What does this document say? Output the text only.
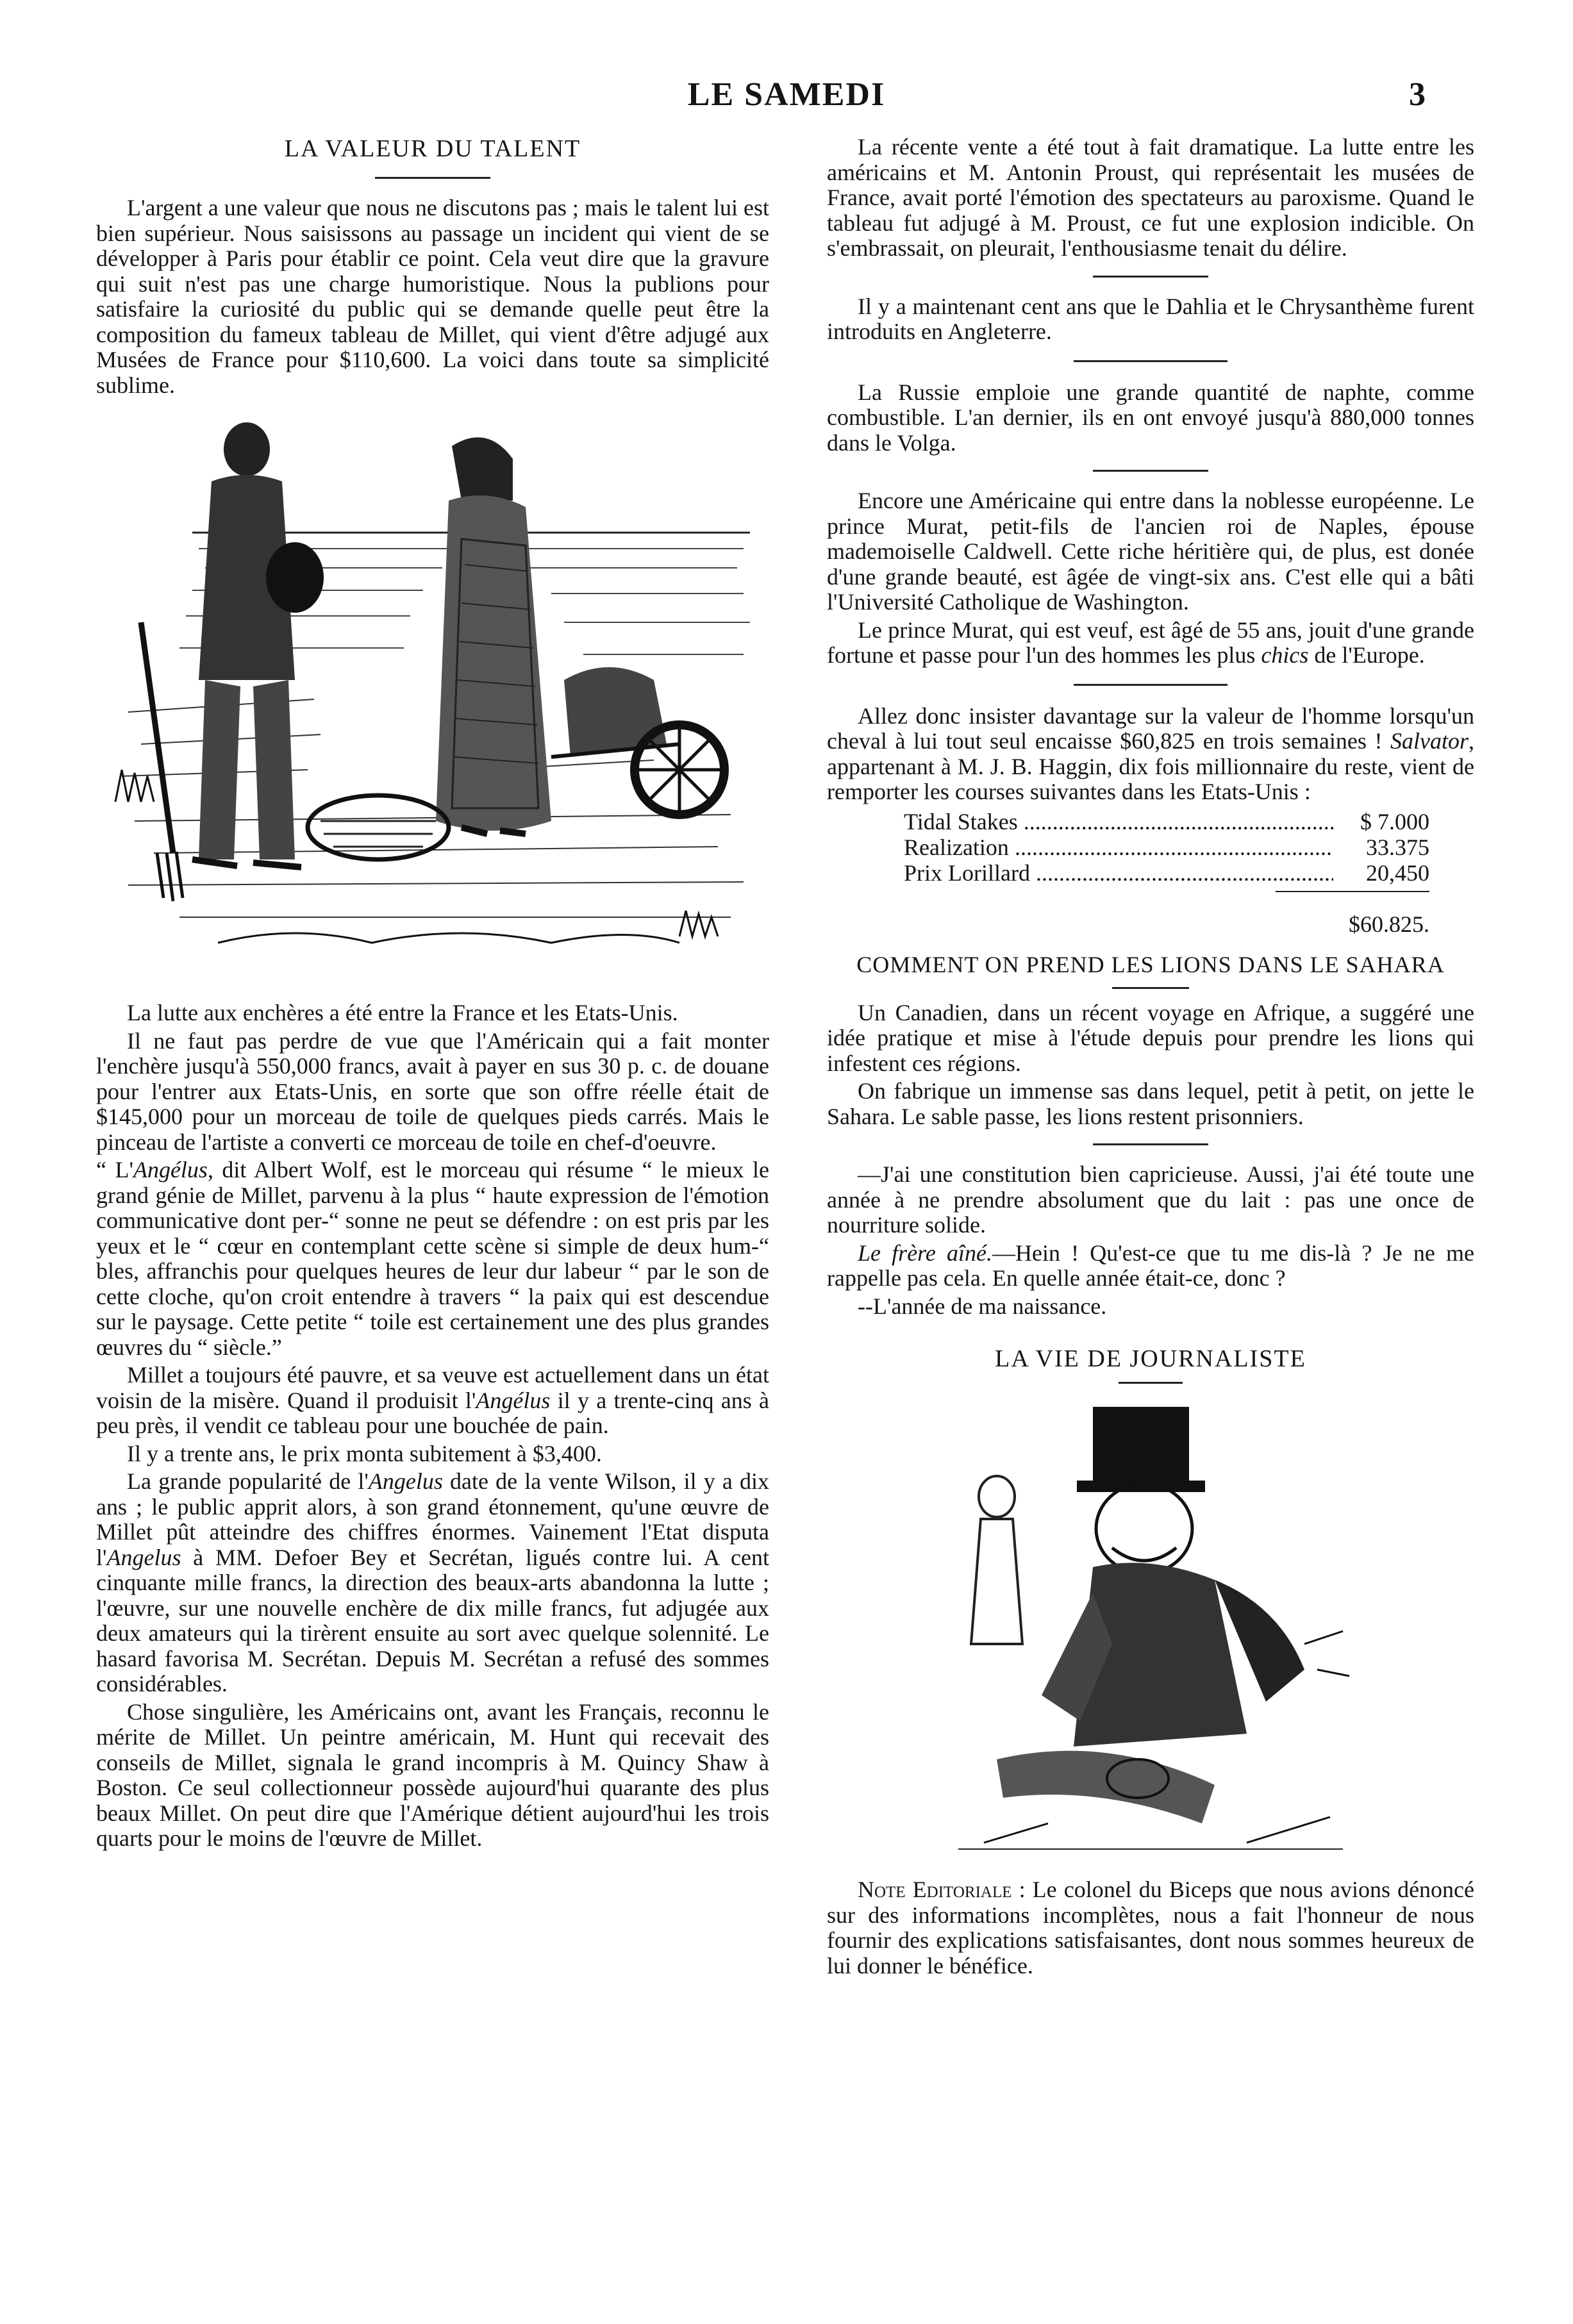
LE SAMEDI	3
LA VALEUR DU TALENT

L'argent a une valeur que nous ne discutons pas ; mais le talent lui est bien supérieur. Nous saisissons au passage un incident qui vient de se développer à Paris pour établir ce point. Cela veut dire que la gravure qui suit n'est pas une charge humoristique. Nous la publions pour satisfaire la curiosité du public qui se demande quelle peut être la composition du fameux tableau de Millet, qui vient d'être adjugé aux Musées de France pour $110,600. La voici dans toute sa simplicité sublime.

La lutte aux enchères a été entre la France et les Etats-Unis.

Il ne faut pas perdre de vue que l'Américain qui a fait monter l'enchère jusqu'à 550,000 francs, avait à payer en sus 30 p. c. de douane pour l'entrer aux Etats-Unis, en sorte que son offre réelle était de $145,000 pour un morceau de toile de quelques pieds carrés. Mais le pinceau de l'artiste a converti ce morceau de toile en chef-d'oeuvre.

“ L'Angélus, dit Albert Wolf, est le morceau qui résume “ le mieux le grand génie de Millet, parvenu à la plus “ haute expression de l'émotion communicative dont per-“ sonne ne peut se défendre : on est pris par les yeux et le “ cœur en contemplant cette scène si simple de deux hum-“ bles, affranchis pour quelques heures de leur dur labeur “ par le son de cette cloche, qu'on croit entendre à travers “ la paix qui est descendue sur le paysage. Cette petite “ toile est certainement une des plus grandes œuvres du “ siècle.”

Millet a toujours été pauvre, et sa veuve est actuellement dans un état voisin de la misère. Quand il produisit l'Angélus il y a trente-cinq ans à peu près, il vendit ce tableau pour une bouchée de pain.

Il y a trente ans, le prix monta subitement à $3,400.

La grande popularité de l'Angelus date de la vente Wilson, il y a dix ans ; le public apprit alors, à son grand étonnement, qu'une œuvre de Millet pût atteindre des chiffres énormes. Vainement l'Etat disputa l'Angelus à MM. Defoer Bey et Secrétan, ligués contre lui. A cent cinquante mille francs, la direction des beaux-arts abandonna la lutte ; l'œuvre, sur une nouvelle enchère de dix mille francs, fut adjugée aux deux amateurs qui la tirèrent ensuite au sort avec quelque solennité. Le hasard favorisa M. Secrétan. Depuis M. Secrétan a refusé des sommes considérables.

Chose singulière, les Américains ont, avant les Français, reconnu le mérite de Millet. Un peintre américain, M. Hunt qui recevait des conseils de Millet, signala le grand incompris à M. Quincy Shaw à Boston. Ce seul collectionneur possède aujourd'hui quarante des plus beaux Millet. On peut dire que l'Amérique détient aujourd'hui les trois quarts pour le moins de l'œuvre de Millet.

La récente vente a été tout à fait dramatique. La lutte entre les américains et M. Antonin Proust, qui représentait les musées de France, avait porté l'émotion des spectateurs au paroxisme. Quand le tableau fut adjugé à M. Proust, ce fut une explosion indicible. On s'embrassait, on pleurait, l'enthousiasme tenait du délire.

Il y a maintenant cent ans que le Dahlia et le Chrysanthème furent introduits en Angleterre.

La Russie emploie une grande quantité de naphte, comme combustible. L'an dernier, ils en ont envoyé jusqu'à 880,000 tonnes dans le Volga.

Encore une Américaine qui entre dans la noblesse européenne. Le prince Murat, petit-fils de l'ancien roi de Naples, épouse mademoiselle Caldwell. Cette riche héritière qui, de plus, est donée d'une grande beauté, est âgée de vingt-six ans. C'est elle qui a bâti l'Université Catholique de Washington.

Le prince Murat, qui est veuf, est âgé de 55 ans, jouit d'une grande fortune et passe pour l'un des hommes les plus chics de l'Europe.

Allez donc insister davantage sur la valeur de l'homme lorsqu'un cheval à lui tout seul encaisse $60,825 en trois semaines ! Salvator, appartenant à M. J. B. Haggin, dix fois millionnaire du reste, vient de remporter les courses suivantes dans les Etats-Unis :

Tidal Stakes .....	$ 7.000
Realization .....	33.375
Prix Lorillard .....	20,450
$60.825.
COMMENT ON PREND LES LIONS DANS LE SAHARA

Un Canadien, dans un récent voyage en Afrique, a suggéré une idée pratique et mise à l'étude depuis pour prendre les lions qui infestent ces régions.

On fabrique un immense sas dans lequel, petit à petit, on jette le Sahara. Le sable passe, les lions restent prisonniers.

—J'ai une constitution bien capricieuse. Aussi, j'ai été toute une année à ne prendre absolument que du lait : pas une once de nourriture solide.

Le frère aîné.—Hein ! Qu'est-ce que tu me dis-là ? Je ne me rappelle pas cela. En quelle année était-ce, donc ?

--L'année de ma naissance.

LA VIE DE JOURNALISTE

Note Editoriale : Le colonel du Biceps que nous avions dénoncé sur des informations incomplètes, nous a fait l'honneur de nous fournir des explications satisfaisantes, dont nous sommes heureux de lui donner le bénéfice.
